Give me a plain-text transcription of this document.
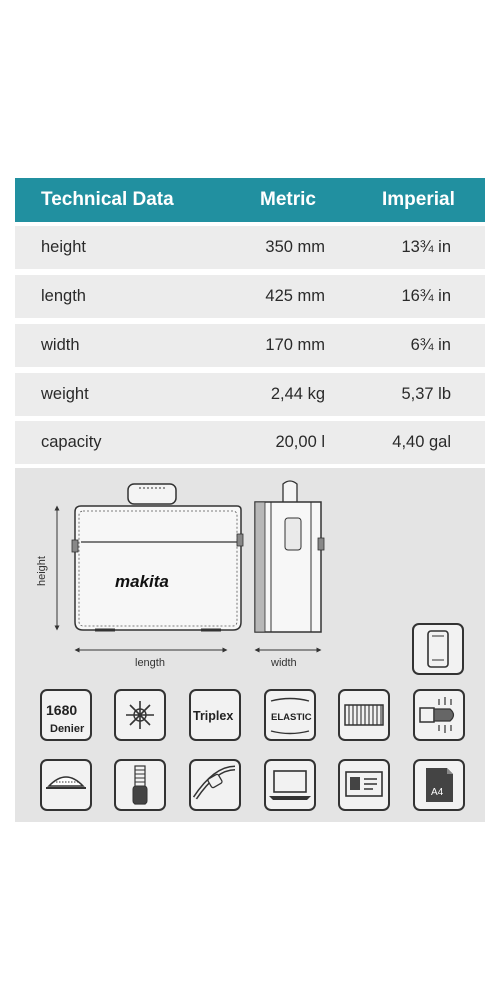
Technical Data	Metric	Imperial
height	350 mm	13¾ in
length	425 mm	16¾ in
width	170 mm	6¾ in
weight	2,44 kg	5,37 lb
capacity	20,00 l	4,40 gal
makita
height
length	width
1680
Denier
Triplex	ELASTIC
A4
